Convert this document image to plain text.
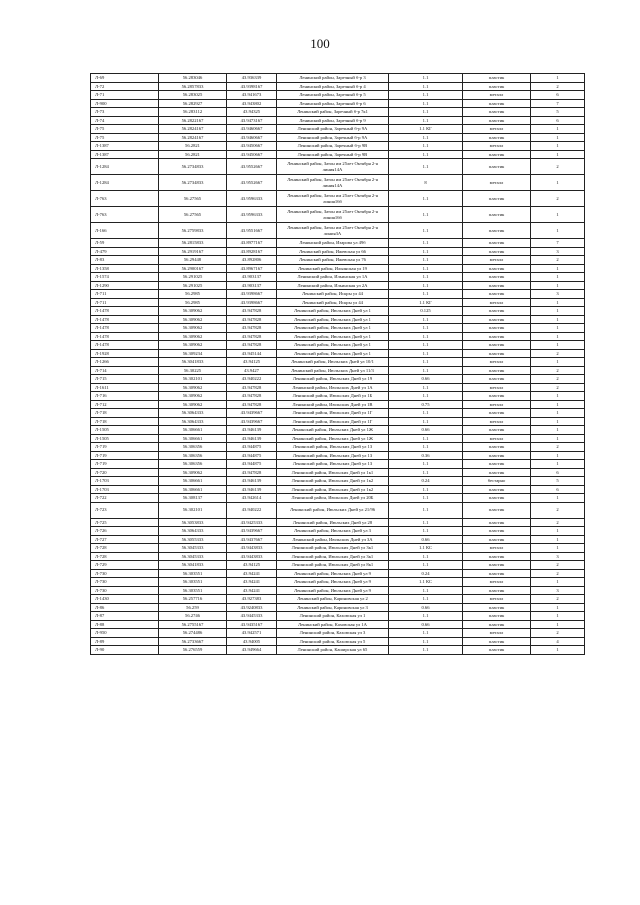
100
Л-69	56.283046	43.936339	Ленинский район, Заречный б-р 3	1.1	пластик	1
Л-72	56.2857833	43.9398167	Ленинский район, Заречный б-р 4	1.1	пластик	2
Л-71	56.283025	43.941673	Ленинский район, Заречный б-р 5	1.1	металл	6
Л-900	56.282927	43.943802	Ленинский район, Заречный б-р 6	1.1	пластик	7
Л-73	56.283112	43.94325	Ленинский район, Заречный б-р 7к1	1.1	пластик	5
Л-74	56.2822167	43.9473167	Ленинский район, Заречный б-р 9	1.1	пластик	6
Л-75	56.2824167	43.9460667	Ленинский район, Заречный б-р 9А	1.1 КГ	металл	1
Л-75	56.2824167	43.9460667	Ленинский район, Заречный б-р 9А	1.1	пластик	1
Л-1387	56.2821	43.9450667	Ленинский район, Заречный б-р 9В	1.1	металл	1
Л-1387	56.2821	43.9450667	Ленинский район, Заречный б-р 9В	1.1	пластик	1
Л-1284	56.2734833	43.9552667	Ленинский район, Затон им 25лет Октября 2-я линия14А	1.1	пластик	2
Л-1284	56.2734833	43.9552667	Ленинский район, Затон им 25лет Октября 2-я линия14А	8	металл	1
Л-763	56.27565	43.9596333	Ленинский район, Затон им 25лет Октября 2-я линия16б	1.1	пластик	2
Л-763	56.27565	43.9596333	Ленинский район, Затон им 25лет Октября 2-я линия16б	1.1	пластик	1
Л-166	56.2759833	43.9551667	Ленинский район, Затон им 25лет Октября 2-я линия3А	1.1	пластик	1
Л-59	56.2815833	43.8977167	Ленинский район, Изарова ул 49б	1.1	пластик	7
Л-479	56.2919167	43.8928167	Ленинский район, Ижевская ул 66	1.1	пластик	3
Л-83	56.29448	43.892806	Ленинский район, Ижевская ул 76	1.1	металл	2
Л-1358	56.2900167	43.8967167	Ленинский район, Ильинская ул 19	1.1	пластик	1
Л-1574	56.291025	43.903137	Ленинский район, Ильинская ул 1А	1.1	пластик	1
Л-1290	56.291025	43.903137	Ленинский район, Ильинская ул 2А	1.1	пластик	1
Л-711	56.2985	43.9398667	Ленинский район, Искры ул 44	1.1	пластик	3
Л-711	56.2985	43.9398667	Ленинский район, Искры ул 44	1.1 КГ	металл	1
Л-1478	56.309062	43.947828	Ленинский район, Июльских Дней ул 1	0.125	пластик	1
Л-1478	56.309062	43.947828	Ленинский район, Июльских Дней ул 1	1.1	пластик	1
Л-1478	56.309062	43.947828	Ленинский район, Июльских Дней ул 1	1.1	пластик	1
Л-1478	56.309062	43.947828	Ленинский район, Июльских Дней ул 1	1.1	пластик	1
Л-1478	56.309062	43.947828	Ленинский район, Июльских Дней ул 1	1.1	пластик	1
Л-1928	56.309234	43.945144	Ленинский район, Июльских Дней ул 1	1.1	пластик	2
Л-1266	56.3041833	43.94125	Ленинский район, Июльских Дней ул 10/1	1.1	металл	1
Л-714	56.30225	43.9427	Ленинский район, Июльских Дней ул 11/3	1.1	пластик	2
Л-715	56.302101	43.940222	Ленинский район, Июльских Дней ул 19	0.66	пластик	2
Л-1611	56.309062	43.947828	Ленинский район, Июльских Дней ул 1А	1.1	металл	2
Л-716	56.309062	43.947828	Ленинский район, Июльских Дней ул 1Б	1.1	пластик	1
Л-712	56.309062	43.947828	Ленинский район, Июльских Дней ул 1В	0.75	металл	1
Л-718	56.3064333	43.9439667	Ленинский район, Июльских Дней ул 1Г	1.1	пластик	1
Л-718	56.3064333	43.9439667	Ленинский район, Июльских Дней ул 1Г	1.1	металл	1
Л-1505	56.306661	43.946139	Ленинский район, Июльских Дней ул 1Ж	0.66	пластик	1
Л-1505	56.306661	43.946139	Ленинский район, Июльских Дней ул 1Ж	1.1	металл	1
Л-719	56.306356	43.944875	Ленинский район, Июльских Дней ул 13	1.1	пластик	2
Л-719	56.306356	43.944875	Ленинский район, Июльских Дней ул 13	0.36	пластик	1
Л-719	56.306356	43.944875	Ленинский район, Июльских Дней ул 13	1.1	пластик	1
Л-720	56.309062	43.947828	Ленинский район, Июльских Дней ул 1к1	1.1	пластик	6
Л-1703	56.306661	43.946139	Ленинский район, Июльских Дней ул 1к2	0.24	бестарно	5
Л-1703	56.306661	43.946139	Ленинский район, Июльских Дней ул 1к2	1.1	пластик	6
Л-722	56.308137	43.942614	Ленинский район, Июльских Дней ул 20Б	1.1	пластик	1
Л-723	56.302101	43.940222	Ленинский район, Июльских Дней ул 21/96	1.1	пластик	2
Л-725	56.3053833	43.9425333	Ленинский район, Июльских Дней ул 28	1.1	пластик	2
Л-726	56.3064333	43.9439667	Ленинский район, Июльских Дней ул 3	1.1	пластик	1
Л-727	56.3055333	43.9437667	Ленинский район, Июльских Дней ул 3А	0.66	пластик	1
Л-728	56.3045333	43.9443833	Ленинский район, Июльских Дней ул 3к1	1.1 КС	металл	1
Л-728	56.3045333	43.9443833	Ленинский район, Июльских Дней ул 3к1	1.1	пластик	3
Л-729	56.3041833	43.94125	Ленинский район, Июльских Дней ул 8к1	1.1	пластик	2
Л-730	56.303551	43.94241	Ленинский район, Июльских Дней ул 9	0.24	пластик	2
Л-730	56.303551	43.94241	Ленинский район, Июльских Дней ул 9	1.1 КС	металл	1
Л-730	56.303551	43.94241	Ленинский район, Июльских Дней ул 9	1.1	пластик	3
Л-1430	56.257716	43.927383	Ленинский район, Кариновская ул 2	1.1	металл	2
Л-86	56.259	43.9240833	Ленинский район, Кариновская ул 3	0.66	пластик	1
Л-87	56.2746	43.9445333	Ленинский район, Каховская ул 1	1.1	пластик	1
Л-88	56.2755167	43.9435167	Ленинский район, Каховская ул 1А	0.66	пластик	1
Л-950	56.274486	43.942571	Ленинский район, Каховская ул 3	1.1	металл	2
Л-89	56.2733667	43.94005	Ленинский район, Каховская ул 5	1.1	пластик	4
Л-90	56.276559	43.949664	Ленинский район, Каширская ул 65	1.1	пластик	1
